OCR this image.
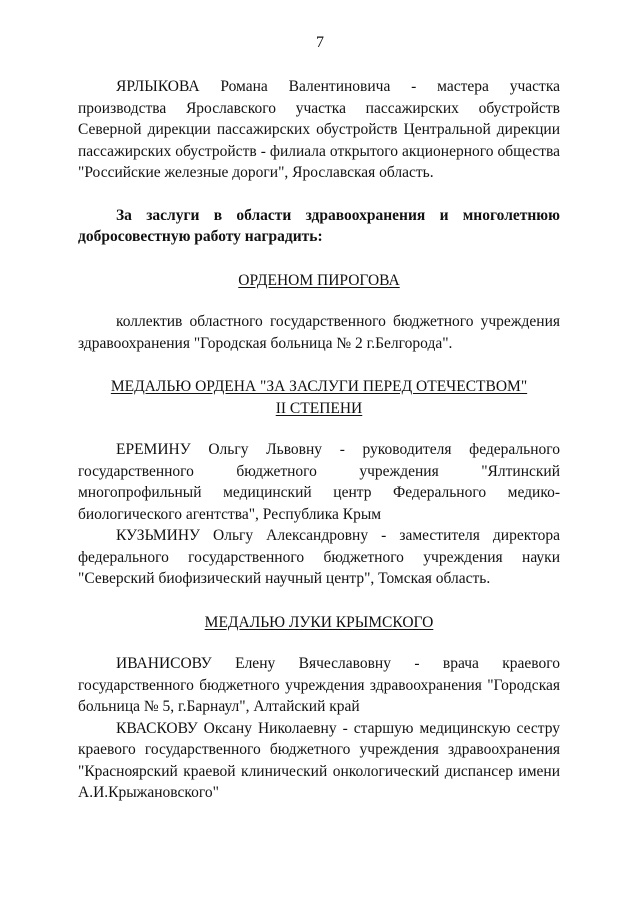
7

ЯРЛЫКОВА Романа Валентиновича - мастера участка производства Ярославского участка пассажирских обустройств Северной дирекции пассажирских обустройств Центральной дирекции пассажирских обустройств - филиала открытого акционерного общества "Российские железные дороги", Ярославская область.

За заслуги в области здравоохранения и многолетнюю добросовестную работу наградить:

ОРДЕНОМ ПИРОГОВА

коллектив областного государственного бюджетного учреждения здравоохранения "Городская больница № 2 г.Белгорода".

МЕДАЛЬЮ ОРДЕНА "ЗА ЗАСЛУГИ ПЕРЕД ОТЕЧЕСТВОМ"

II СТЕПЕНИ

ЕРЕМИНУ Ольгу Львовну - руководителя федерального государственного бюджетного учреждения "Ялтинский многопрофильный медицинский центр Федерального медико-биологического агентства", Республика Крым

КУЗЬМИНУ Ольгу Александровну - заместителя директора федерального государственного бюджетного учреждения науки "Северский биофизический научный центр", Томская область.

МЕДАЛЬЮ ЛУКИ КРЫМСКОГО

ИВАНИСОВУ Елену Вячеславовну - врача краевого государственного бюджетного учреждения здравоохранения "Городская больница № 5, г.Барнаул", Алтайский край

КВАСКОВУ Оксану Николаевну - старшую медицинскую сестру краевого государственного бюджетного учреждения здравоохранения "Красноярский краевой клинический онкологический диспансер имени А.И.Крыжановского"
